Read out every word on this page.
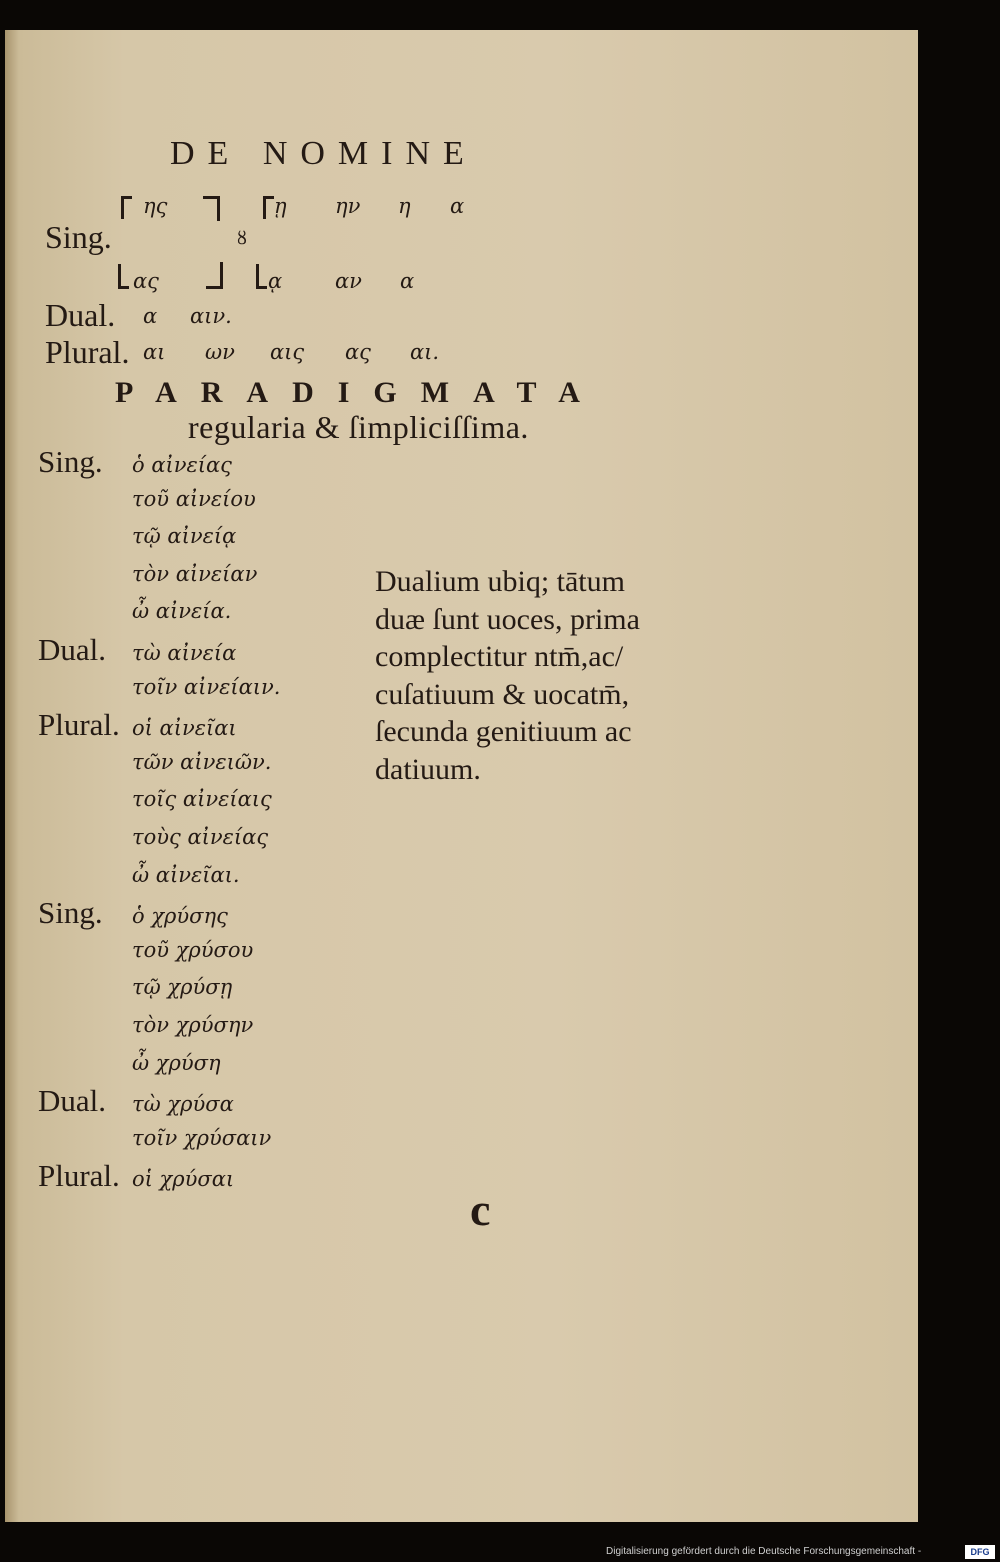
DE NOMINE
ης	ῃ ην η α
Sing.	ȣ
ας	ᾳ	αν α
Dual. α αιν.
Plural. αι ων αις ας αι.
PARADIGMATA
regularia & ſimpliciſſima.
Sing.	ὁ αἰνείας
τοῦ αἰνείου
τῷ αἰνείᾳ
τὸν αἰνείαν
ὦ αἰνεία.
Dual.	τὼ αἰνεία
τοῖν αἰνείαιν.
Plural. οἱ αἰνεῖαι
τῶν αἰνειῶν.
τοῖς αἰνείαις
τοὺς αἰνείας
ὦ αἰνεῖαι.
Sing.	ὁ χρύσης
τοῦ χρύσου
τῷ χρύσῃ
τὸν χρύσην
ὦ χρύση
Dual.	τὼ χρύσα
τοῖν χρύσαιν
Plural. οἱ χρύσαι
Dualium ubiq; tātum
duæ ſunt uoces, prima
complectitur ntm̄,ac/
cuſatiuum & uocatm̄,
ſecunda genitiuum ac
datiuum.
c
Digitalisierung gefördert durch die Deutsche Forschungsgemeinschaft -	DFG
